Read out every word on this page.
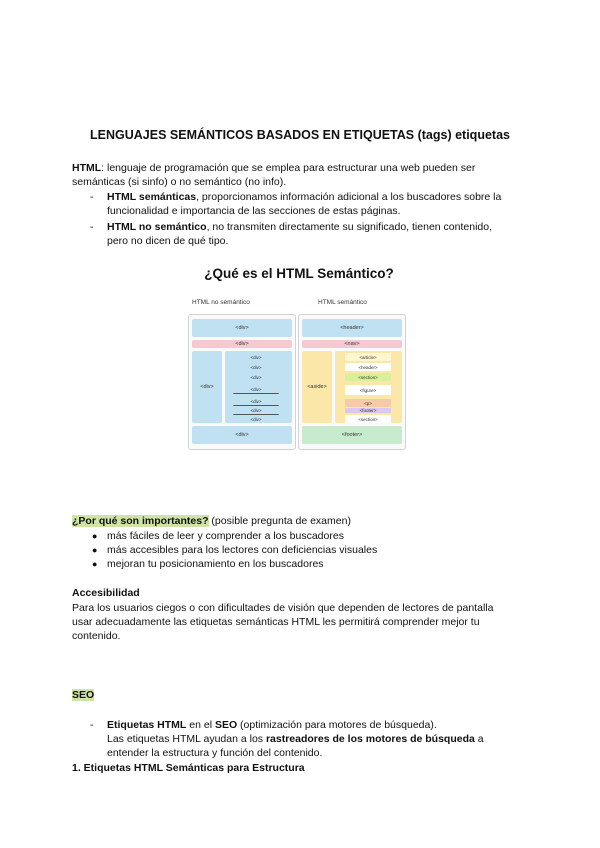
LENGUAJES SEMÁNTICOS BASADOS EN ETIQUETAS (tags) etiquetas
HTML: lenguaje de programación que se emplea para estructurar una web pueden ser
semánticas (si sinfo) o no semántico (no info).
- HTML semánticas, proporcionamos información adicional a los buscadores sobre la
funcionalidad e importancia de las secciones de estas páginas.
- HTML no semántico, no transmiten directamente su significado, tienen contenido,
pero no dicen de qué tipo.
¿Qué es el HTML Semántico?
HTML no semántico	HTML semántico
<div>
<div>
<div>
<div>
<div>
<div>
<div>
<div>
<div>
<div>
<div>
<header>
<nav>
<aside>
<article>
<header>
<section>
<figure>
<p>
<footer>
<section>
<footer>
¿Por qué son importantes? (posible pregunta de examen)
● más fáciles de leer y comprender a los buscadores
● más accesibles para los lectores con deficiencias visuales
● mejoran tu posicionamiento en los buscadores
Accesibilidad
Para los usuarios ciegos o con dificultades de visión que dependen de lectores de pantalla
usar adecuadamente las etiquetas semánticas HTML les permitirá comprender mejor tu
contenido.
SEO
- Etiquetas HTML en el SEO (optimización para motores de búsqueda).
Las etiquetas HTML ayudan a los rastreadores de los motores de búsqueda a
entender la estructura y función del contenido.
1. Etiquetas HTML Semánticas para Estructura
